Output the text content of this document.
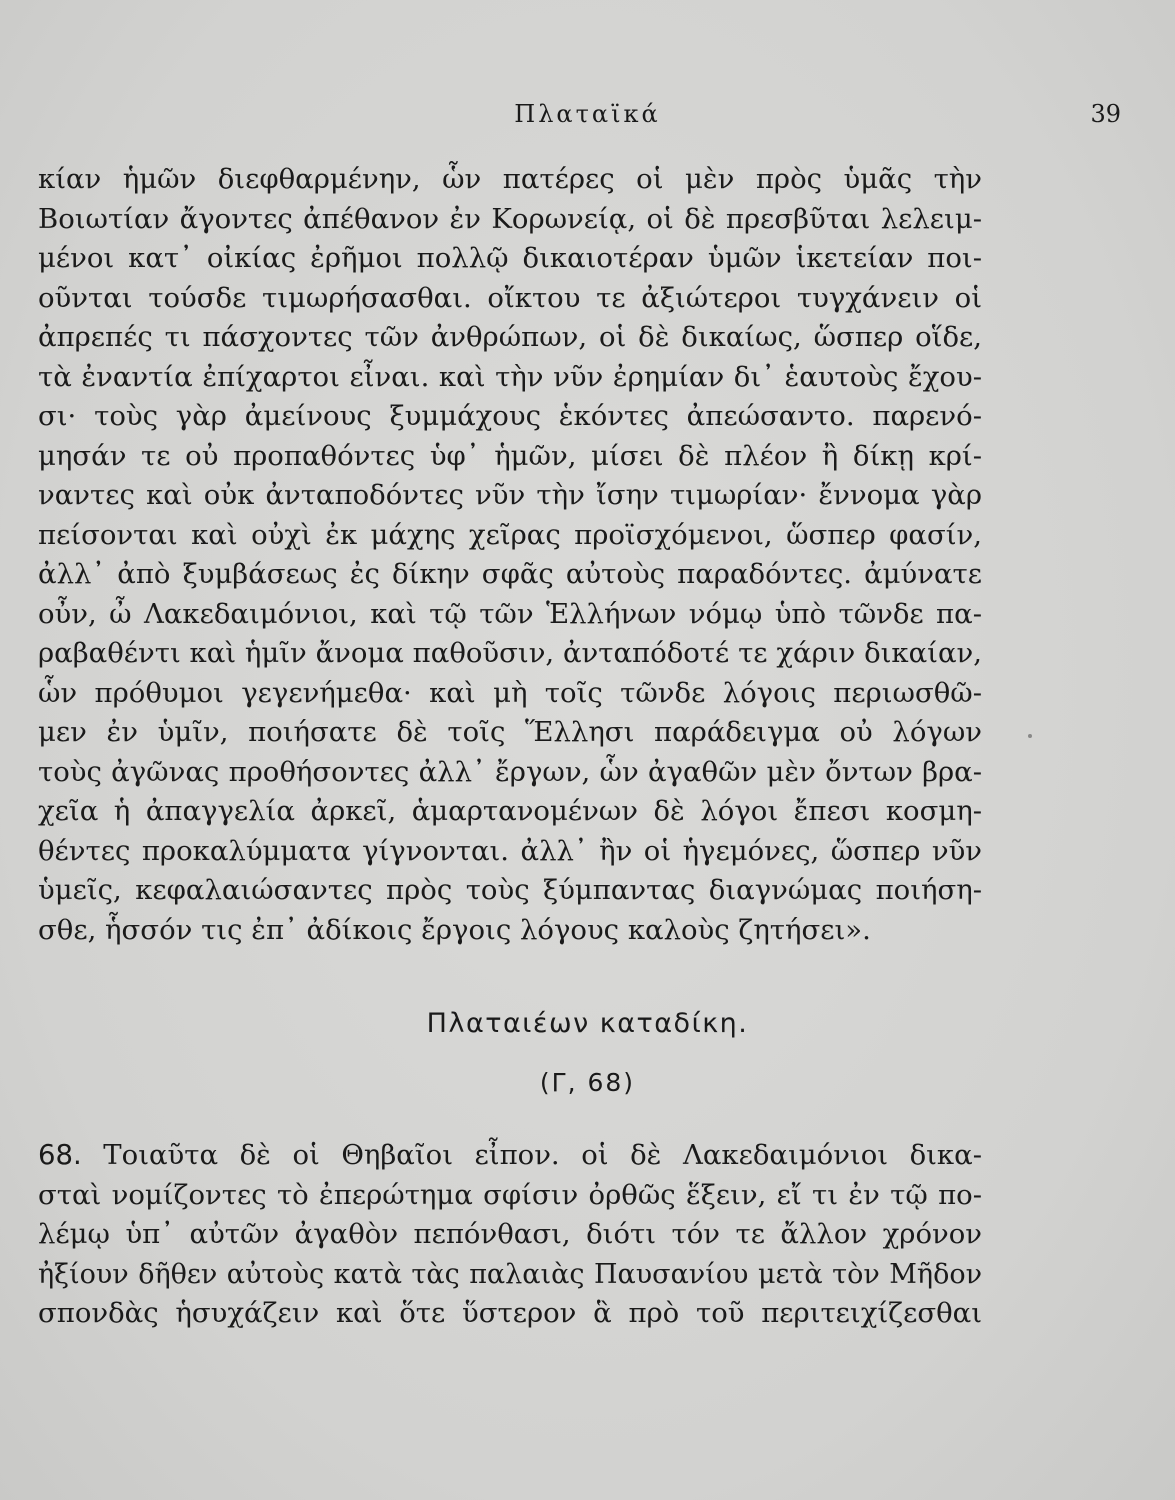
Πλαταϊκά	39

κίαν ἡμῶν διεφθαρμένην, ὧν πατέρες οἱ μὲν πρὸς ὑμᾶς τὴν
Βοιωτίαν ἄγοντες ἀπέθανον ἐν Κορωνείᾳ, οἱ δὲ πρεσβῦται λελειμ-
μένοι κατ᾽ οἰκίας ἐρῆμοι πολλῷ δικαιοτέραν ὑμῶν ἱκετείαν ποι-
οῦνται τούσδε τιμωρήσασθαι. οἴκτου τε ἀξιώτεροι τυγχάνειν οἱ
ἀπρεπές τι πάσχοντες τῶν ἀνθρώπων, οἱ δὲ δικαίως, ὥσπερ οἵδε,
τὰ ἐναντία ἐπίχαρτοι εἶναι. καὶ τὴν νῦν ἐρημίαν δι᾽ ἑαυτοὺς ἔχου-
σι· τοὺς γὰρ ἀμείνους ξυμμάχους ἑκόντες ἀπεώσαντο. παρενό-
μησάν τε οὐ προπαθόντες ὑφ᾽ ἡμῶν, μίσει δὲ πλέον ἢ δίκῃ κρί-
ναντες καὶ οὐκ ἀνταποδόντες νῦν τὴν ἴσην τιμωρίαν· ἔννομα γὰρ
πείσονται καὶ οὐχὶ ἐκ μάχης χεῖρας προϊσχόμενοι, ὥσπερ φασίν,
ἀλλ᾽ ἀπὸ ξυμβάσεως ἐς δίκην σφᾶς αὐτοὺς παραδόντες. ἀμύνατε
οὖν, ὦ Λακεδαιμόνιοι, καὶ τῷ τῶν Ἑλλήνων νόμῳ ὑπὸ τῶνδε πα-
ραβαθέντι καὶ ἡμῖν ἄνομα παθοῦσιν, ἀνταπόδοτέ τε χάριν δικαίαν,
ὧν πρόθυμοι γεγενήμεθα· καὶ μὴ τοῖς τῶνδε λόγοις περιωσθῶ-
μεν ἐν ὑμῖν, ποιήσατε δὲ τοῖς Ἕλλησι παράδειγμα οὐ λόγων
τοὺς ἀγῶνας προθήσοντες ἀλλ᾽ ἔργων, ὧν ἀγαθῶν μὲν ὄντων βρα-
χεῖα ἡ ἀπαγγελία ἀρκεῖ, ἁμαρτανομένων δὲ λόγοι ἔπεσι κοσμη-
θέντες προκαλύμματα γίγνονται. ἀλλ᾽ ἢν οἱ ἡγεμόνες, ὥσπερ νῦν
ὑμεῖς, κεφαλαιώσαντες πρὸς τοὺς ξύμπαντας διαγνώμας ποιήση-
σθε, ἧσσόν τις ἐπ᾽ ἀδίκοις ἔργοις λόγους καλοὺς ζητήσει».

Πλαταιέων καταδίκη.
(Γ, 68)

68. Τοιαῦτα δὲ οἱ Θηβαῖοι εἶπον. οἱ δὲ Λακεδαιμόνιοι δικα-
σταὶ νομίζοντες τὸ ἐπερώτημα σφίσιν ὀρθῶς ἕξειν, εἴ τι ἐν τῷ πο-
λέμῳ ὑπ᾽ αὐτῶν ἀγαθὸν πεπόνθασι, διότι τόν τε ἄλλον χρόνον
ἠξίουν δῆθεν αὐτοὺς κατὰ τὰς παλαιὰς Παυσανίου μετὰ τὸν Μῆδον
σπονδὰς ἡσυχάζειν καὶ ὅτε ὕστερον ἃ πρὸ τοῦ περιτειχίζεσθαι
